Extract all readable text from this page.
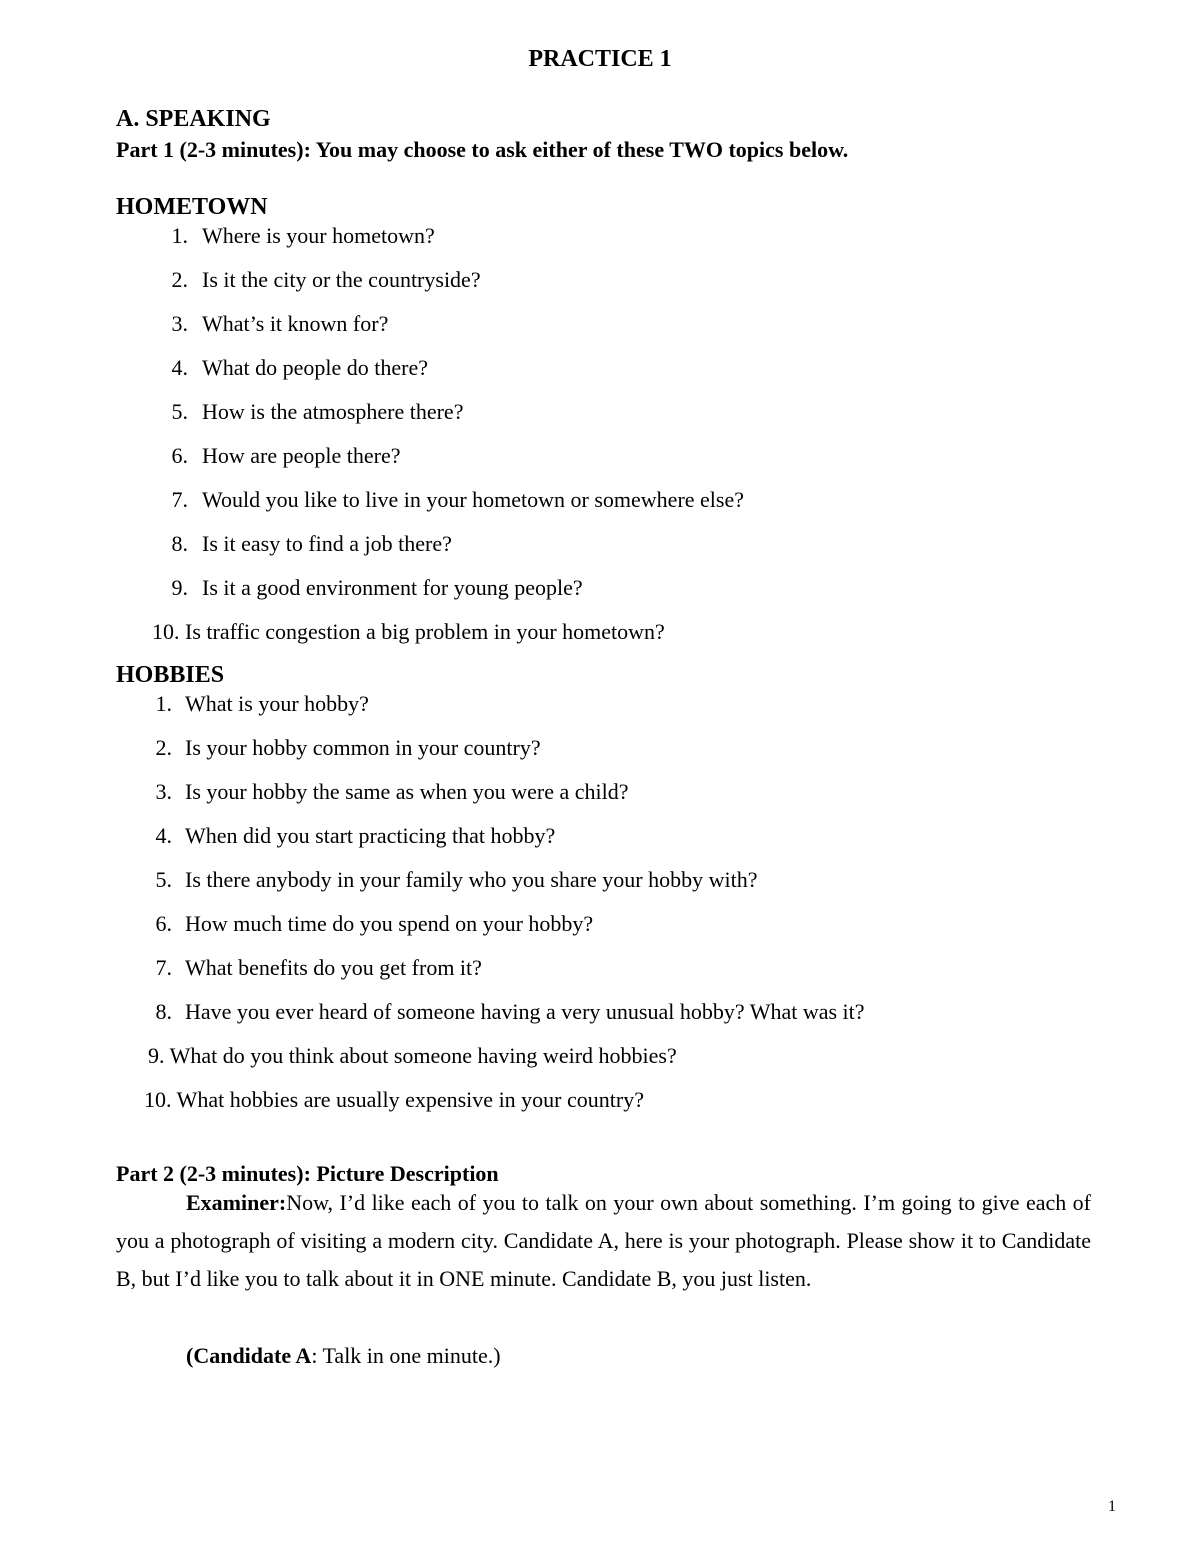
PRACTICE 1
A. SPEAKING
Part 1 (2-3 minutes): You may choose to ask either of these TWO topics below.
HOMETOWN
1. Where is your hometown?
2. Is it the city or the countryside?
3. What’s it known for?
4. What do people do there?
5. How is the atmosphere there?
6. How are people there?
7. Would you like to live in your hometown or somewhere else?
8. Is it easy to find a job there?
9. Is it a good environment for young people?
10. Is traffic congestion a big problem in your hometown?
HOBBIES
1. What is your hobby?
2. Is your hobby common in your country?
3. Is your hobby the same as when you were a child?
4. When did you start practicing that hobby?
5. Is there anybody in your family who you share your hobby with?
6. How much time do you spend on your hobby?
7. What benefits do you get from it?
8. Have you ever heard of someone having a very unusual hobby? What was it?
9. What do you think about someone having weird hobbies?
10. What hobbies are usually expensive in your country?
Part 2 (2-3 minutes): Picture Description
Examiner:Now, I’d like each of you to talk on your own about something. I’m going to give each of you a photograph of visiting a modern city. Candidate A, here is your photograph. Please show it to Candidate B, but I’d like you to talk about it in ONE minute. Candidate B, you just listen.
(Candidate A: Talk in one minute.)
1
